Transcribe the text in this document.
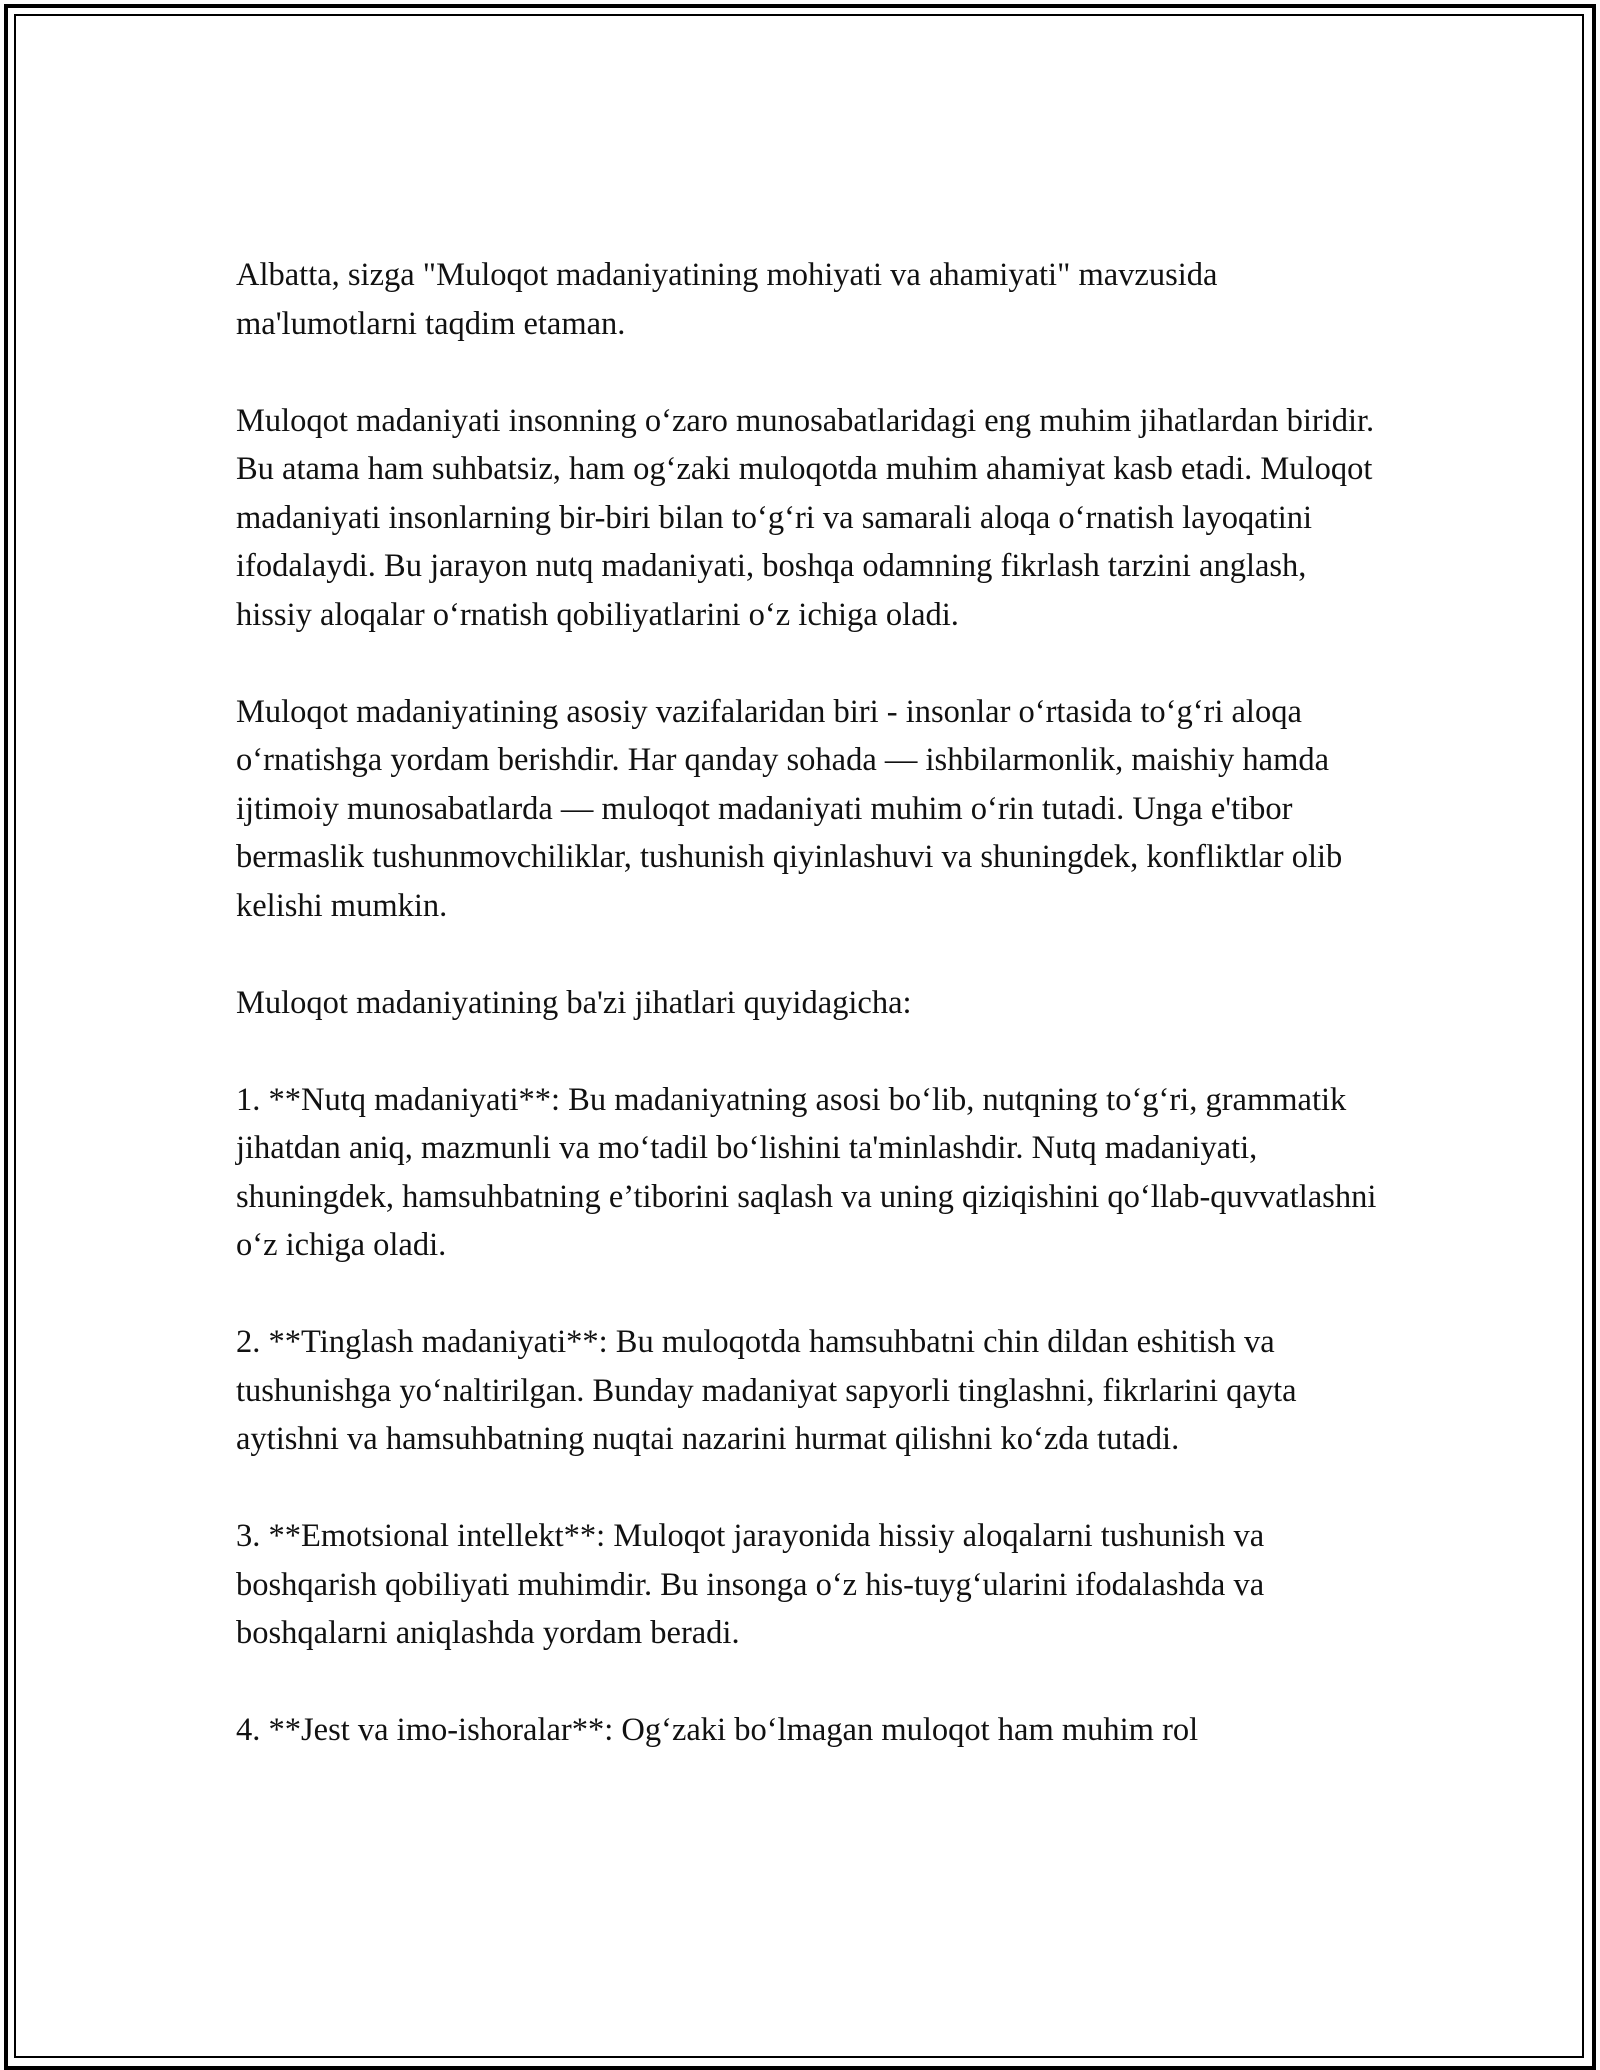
Albatta, sizga "Muloqot madaniyatining mohiyati va ahamiyati" mavzusida ma'lumotlarni taqdim etaman.

Muloqot madaniyati insonning o‘zaro munosabatlaridagi eng muhim jihatlardan biridir. Bu atama ham suhbatsiz, ham og‘zaki muloqotda muhim ahamiyat kasb etadi. Muloqot madaniyati insonlarning bir-biri bilan to‘g‘ri va samarali aloqa o‘rnatish layoqatini ifodalaydi. Bu jarayon nutq madaniyati, boshqa odamning fikrlash tarzini anglash, hissiy aloqalar o‘rnatish qobiliyatlarini o‘z ichiga oladi.

Muloqot madaniyatining asosiy vazifalaridan biri - insonlar o‘rtasida to‘g‘ri aloqa o‘rnatishga yordam berishdir. Har qanday sohada — ishbilarmonlik, maishiy hamda ijtimoiy munosabatlarda — muloqot madaniyati muhim o‘rin tutadi. Unga e'tibor bermaslik tushunmovchiliklar, tushunish qiyinlashuvi va shuningdek, konfliktlar olib kelishi mumkin.

Muloqot madaniyatining ba'zi jihatlari quyidagicha:

1. **Nutq madaniyati**: Bu madaniyatning asosi bo‘lib, nutqning to‘g‘ri, grammatik jihatdan aniq, mazmunli va mo‘tadil bo‘lishini ta'minlashdir. Nutq madaniyati, shuningdek, hamsuhbatning e’tiborini saqlash va uning qiziqishini qo‘llab-quvvatlashni o‘z ichiga oladi.

2. **Tinglash madaniyati**: Bu muloqotda hamsuhbatni chin dildan eshitish va tushunishga yo‘naltirilgan. Bunday madaniyat sapyorli tinglashni, fikrlarini qayta aytishni va hamsuhbatning nuqtai nazarini hurmat qilishni ko‘zda tutadi.

3. **Emotsional intellekt**: Muloqot jarayonida hissiy aloqalarni tushunish va boshqarish qobiliyati muhimdir. Bu insonga o‘z his-tuyg‘ularini ifodalashda va boshqalarni aniqlashda yordam beradi.

4. **Jest va imo-ishoralar**: Og‘zaki bo‘lmagan muloqot ham muhim rol
